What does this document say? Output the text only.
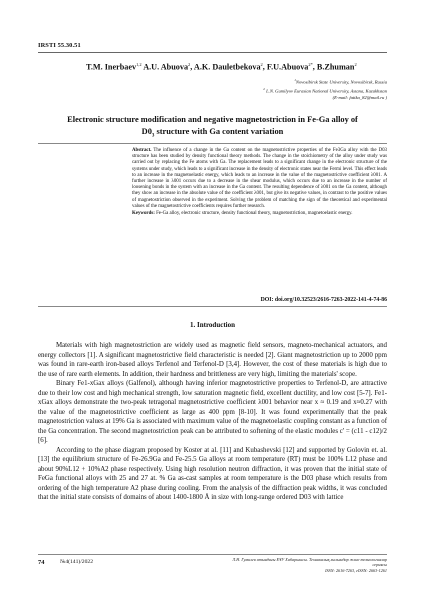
IRSTI 55.30.51
T.M. Inerbaev$^{1,2}$ A.U. Abuova$^2$, A.K. Dauletbekova$^2$, F.U.Abuova$^{2*}$, B.Zhuman$^2$
$^1$Novosibirsk State University, Novosibirsk, Russia
$^2$ L.N. Gumilyov Eurasian National University, Astana, Kazakhstan
(E-mail: fatika_82@mail.ru )
Electronic structure modification and negative magnetostriction in Fe-Ga alloy of
$D0_3$ structure with Ga content variation
Abstract. The influence of a change in the Ga content on the magnetostrictive properties of the Fe3Ga alloy with the D03 structure has been studied by density functional theory methods. The change in the stoichiometry of the alloy under study was carried out by replacing the Fe atoms with Ga. The replacement leads to a significant change in the electronic structure of the systems under study, which leads to a significant increase in the density of electronic states near the Fermi level. This effect leads to an increase in the magnetoelastic energy, which leads to an increase in the value of the magnetostrictive coefficient λ001. A further increase in λ001 occurs due to a decrease in the shear modulus, which occurs due to an increase in the number of loosening bonds in the system with an increase in the Ga content. The resulting dependence of λ001 on the Ga content, although they show an increase in the absolute value of the coefficient λ001, but give its negative values, in contrast to the positive values of magnetostriction observed in the experiment. Solving the problem of matching the sign of the theoretical and experimental values of the magnetostrictive coefficients requires further research.
Keywords: Fe-Ga alloy, electronic structure, density functional theory, magnetostriction, magnetoelastic energy.
DOI: doi.org/10.32523/2616-7263-2022-141-4-74-86
1. Introduction

Materials with high magnetostriction are widely used as magnetic field sensors, magneto-mechanical actuators, and energy collectors [1]. A significant magnetostrictive field characteristic is needed [2]. Giant magnetostriction up to 2000 ppm was found in rare-earth iron-based alloys Terfenol and Terfenol-D [3,4]. However, the cost of these materials is high due to the use of rare earth elements. In addition, their hardness and brittleness are very high, limiting the materials' scope.

Binary Fe1-xGax alloys (Galfenol), although having inferior magnetostrictive properties to Terfenol-D, are attractive due to their low cost and high mechanical strength, low saturation magnetic field, excellent ductility, and low cost [5-7]. Fe1-xGax alloys demonstrate the two-peak tetragonal magnetostrictive coefficient λ001 behavior near x ≈ 0.19 and x≈0.27 with the value of the magnetostrictive coefficient as large as 400 ppm [8-10]. It was found experimentally that the peak magnetostriction values at 19% Ga is associated with maximum value of the magnetoelastic coupling constant as a function of the Ga concentration. The second magnetostriction peak can be attributed to softening of the elastic modules c' = (c11 - c12)/2 [6].

According to the phase diagram proposed by Koster at al. [11] and Kubashevski [12] and supported by Golovin et. al. [13] the equilibrium structure of Fe-26.9Ga and Fe-25.5 Ga alloys at room temperature (RT) must be 100% L12 phase and about 90%L12 + 10%A2 phase respectively. Using high resolution neutron diffraction, it was proven that the initial state of FeGa functional alloys with 25 and 27 at. % Ga as-cast samples at room temperature is the D03 phase which results from ordering of the high temperature A2 phase during cooling. From the analysis of the diffraction peak widths, it was concluded that the initial state consists of domains of about 1400-1800 Å in size with long-range ordered D03 with lattice

74	№4(141)/2022	Л.Н. Гумилев атындағы ЕҰУ Хабаршысы. Техникалық ғылымдар және технологиялар сериясы
ISSN: 2616-7263, eISSN: 2663-1261
